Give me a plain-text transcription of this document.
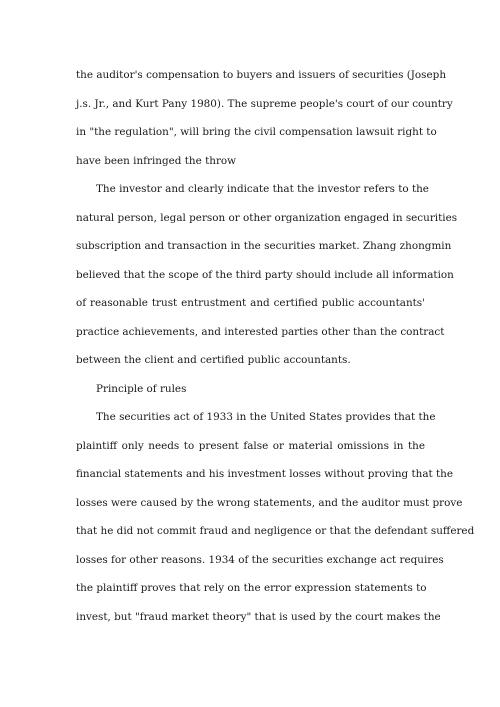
the auditor's compensation to buyers and issuers of securities (Joseph
j.s. Jr., and Kurt Pany 1980). The supreme people's court of our country
in "the regulation", will bring the civil compensation lawsuit right to
have been infringed the throw
The investor and clearly indicate that the investor refers to the
natural person, legal person or other organization engaged in securities
subscription and transaction in the securities market. Zhang zhongmin
believed that the scope of the third party should include all information
of reasonable trust entrustment and certified public accountants'
practice achievements, and interested parties other than the contract
between the client and certified public accountants.
Principle of rules
The securities act of 1933 in the United States provides that the
plaintiff only needs to present false or material omissions in the
financial statements and his investment losses without proving that the
losses were caused by the wrong statements, and the auditor must prove
that he did not commit fraud and negligence or that the defendant suffered
losses for other reasons. 1934 of the securities exchange act requires
the plaintiff proves that rely on the error expression statements to
invest, but "fraud market theory" that is used by the court makes the
